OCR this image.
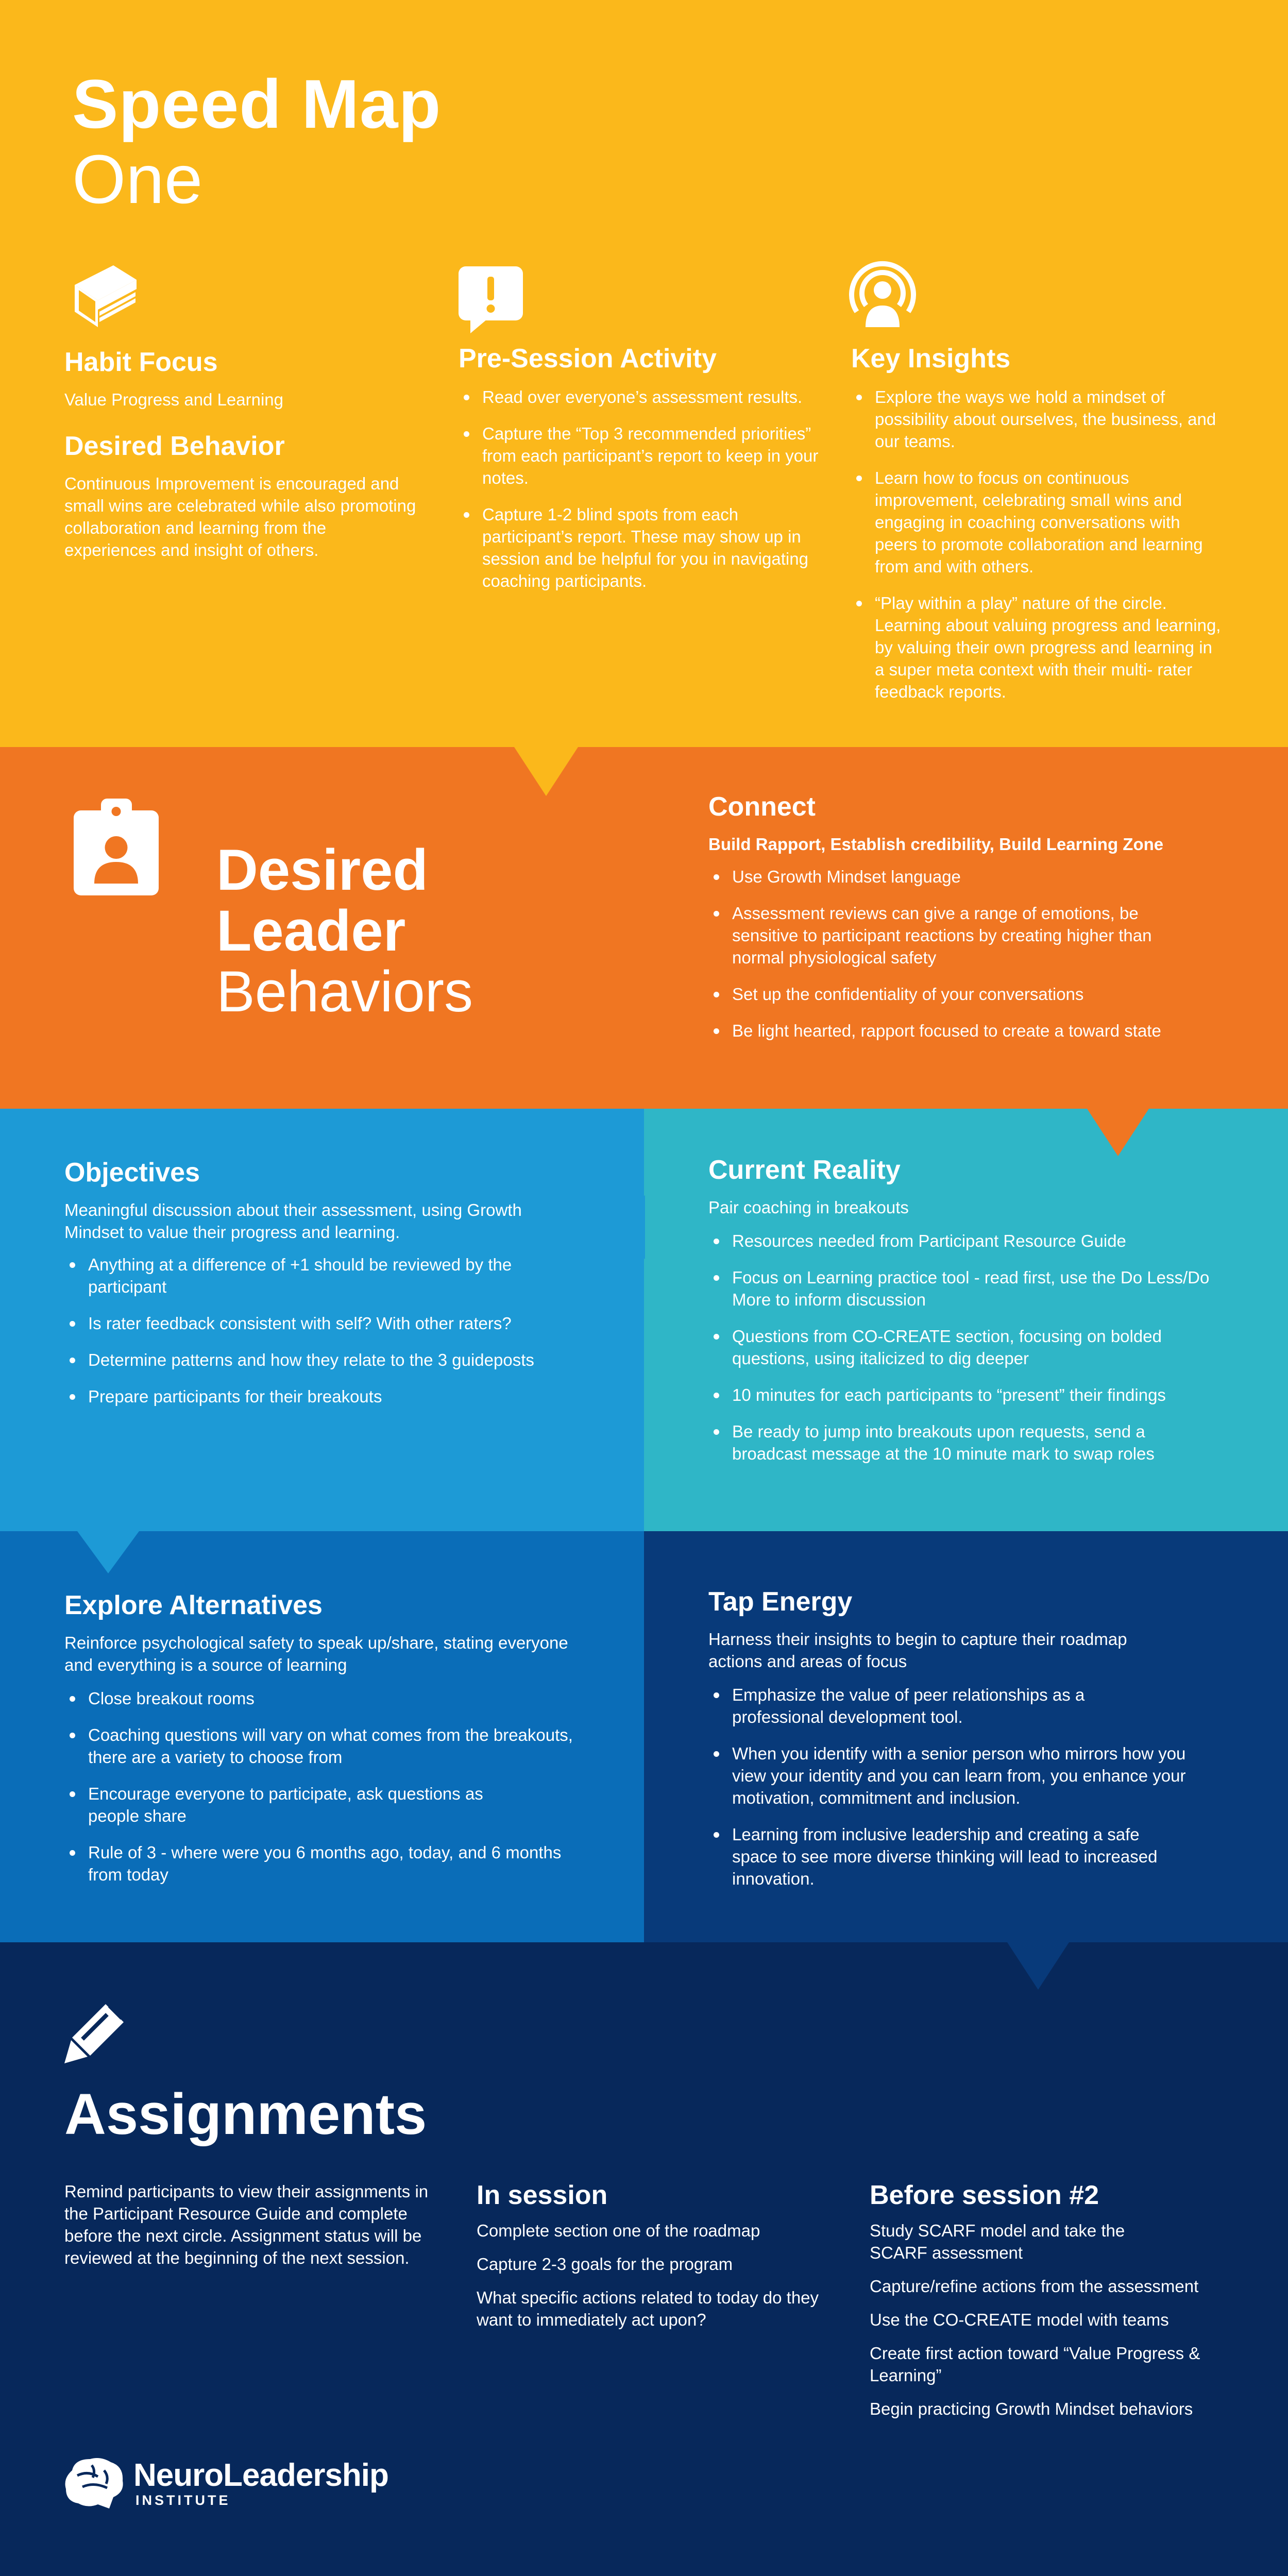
Speed Map
One
Habit Focus
Value Progress and Learning
Desired Behavior
Continuous Improvement is encouraged and small wins are celebrated while also promoting collaboration and learning from the experiences and insight of others.
Pre-Session Activity
Read over everyone’s assessment results.
Capture the “Top 3 recommended priorities” from each participant’s report to keep in your notes.
Capture 1-2 blind spots from each participant’s report. These may show up in session and be helpful for you in navigating coaching participants.
Key Insights
Explore the ways we hold a mindset of possibility about ourselves, the business, and our teams.
Learn how to focus on continuous improvement, celebrating small wins and engaging in coaching conversations with peers to promote collaboration and learning from and with others.
“Play within a play” nature of the circle. Learning about valuing progress and learning, by valuing their own progress and learning in a super meta context with their multi- rater feedback reports.
Desired
Leader
Behaviors
Connect
Build Rapport, Establish credibility, Build Learning Zone
Use Growth Mindset language
Assessment reviews can give a range of emotions, be sensitive to participant reactions by creating higher than normal physiological safety
Set up the confidentiality of your conversations
Be light hearted, rapport focused to create a toward state
Objectives
Meaningful discussion about their assessment, using Growth Mindset to value their progress and learning.
Anything at a difference of +1 should be reviewed by the participant
Is rater feedback consistent with self? With other raters?
Determine patterns and how they relate to the 3 guideposts
Prepare participants for their breakouts
Current Reality
Pair coaching in breakouts
Resources needed from Participant Resource Guide
Focus on Learning practice tool - read first, use the Do Less/Do More to inform discussion
Questions from CO-CREATE section, focusing on bolded questions, using italicized to dig deeper
10 minutes for each participants to “present” their findings
Be ready to jump into breakouts upon requests, send a broadcast message at the 10 minute mark to swap roles
Explore Alternatives
Reinforce psychological safety to speak up/share, stating everyone and everything is a source of learning
Close breakout rooms
Coaching questions will vary on what comes from the breakouts, there are a variety to choose from
Encourage everyone to participate, ask questions as people share
Rule of 3 - where were you 6 months ago, today, and 6 months from today
Tap Energy
Harness their insights to begin to capture their roadmap actions and areas of focus
Emphasize the value of peer relationships as a professional development tool.
When you identify with a senior person who mirrors how you view your identity and you can learn from, you enhance your motivation, commitment and inclusion.
Learning from inclusive leadership and creating a safe space to see more diverse thinking will lead to increased innovation.
Assignments
Remind participants to view their assignments in the Participant Resource Guide and complete before the next circle. Assignment status will be reviewed at the beginning of the next session.
In session
Complete section one of the roadmap
Capture 2-3 goals for the program
What specific actions related to today do they want to immediately act upon?
Before session #2
Study SCARF model and take the SCARF assessment
Capture/refine actions from the assessment
Use the CO-CREATE model with teams
Create first action toward “Value Progress & Learning”
Begin practicing Growth Mindset behaviors
NeuroLeadership
INSTITUTE
